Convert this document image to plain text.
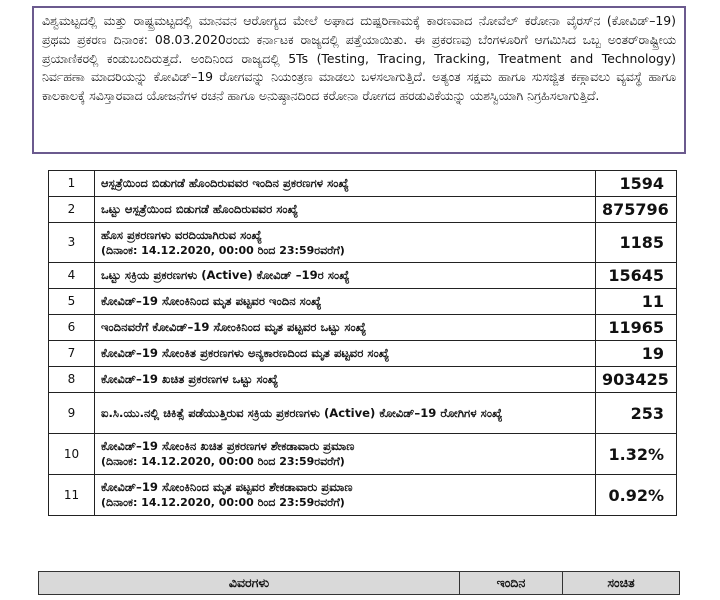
ವಿಶ್ವಮಟ್ಟದಲ್ಲಿ ಮತ್ತು ರಾಷ್ಟ್ರಮಟ್ಟದಲ್ಲಿ ಮಾನವನ ಆರೋಗ್ಯದ ಮೇಲೆ ಅಘಾದ ದುಷ್ಪರಿಣಾಮಕ್ಕೆ ಕಾರಣವಾದ ನೋವೆಲ್ ಕರೋನಾ ವೈರಸ್‌ನ (ಕೋವಿಡ್–19) ಪ್ರಥಮ ಪ್ರಕರಣ ದಿನಾಂಕ: 08.03.2020ರಂದು ಕರ್ನಾಟಕ ರಾಜ್ಯದಲ್ಲಿ ಪತ್ತೆಯಾಯಿತು. ಈ ಪ್ರಕರಣವು ಬೆಂಗಳೂರಿಗೆ ಆಗಮಿಸಿದ ಒಬ್ಬ ಅಂತರ್‌ರಾಷ್ಟ್ರೀಯ ಪ್ರಯಾಣಿಕರಲ್ಲಿ ಕಂಡುಬಂದಿರುತ್ತದೆ. ಅಂದಿನಿಂದ ರಾಜ್ಯದಲ್ಲಿ 5Ts (Testing, Tracing, Tracking, Treatment and Technology) ನಿರ್ವಹಣಾ ಮಾದರಿಯನ್ನು ಕೋವಿಡ್–19 ರೋಗವನ್ನು ನಿಯಂತ್ರಣ ಮಾಡಲು ಬಳಸಲಾಗುತ್ತಿದೆ. ಅತ್ಯಂತ ಸಕ್ಷಮ ಹಾಗೂ ಸುಸಜ್ಜಿತ ಕಣ್ಗಾವಲು ವ್ಯವಸ್ಥೆ ಹಾಗೂ ಕಾಲಕಾಲಕ್ಕೆ ಸವಿಸ್ತಾರವಾದ ಯೋಜನೆಗಳ ರಚನೆ ಹಾಗೂ ಅನುಷ್ಠಾನದಿಂದ ಕರೋನಾ ರೋಗದ ಹರಡುವಿಕೆಯನ್ನು ಯಶಸ್ವಿಯಾಗಿ ನಿಗ್ರಹಿಸಲಾಗುತ್ತಿದೆ.

1	ಆಸ್ಪತ್ರೆಯಿಂದ ಬಿಡುಗಡೆ ಹೊಂದಿರುವವರ ಇಂದಿನ ಪ್ರಕರಣಗಳ ಸಂಖ್ಯೆ	1594
2	ಒಟ್ಟು ಆಸ್ಪತ್ರೆಯಿಂದ ಬಿಡುಗಡೆ ಹೊಂದಿರುವವರ ಸಂಖ್ಯೆ	875796
3	ಹೊಸ ಪ್ರಕರಣಗಳು ವರದಿಯಾಗಿರುವ ಸಂಖ್ಯೆ
(ದಿನಾಂಕ: 14.12.2020, 00:00 ರಿಂದ 23:59ರವರೆಗೆ)	1185
4	ಒಟ್ಟು ಸಕ್ರಿಯ ಪ್ರಕರಣಗಳು (Active) ಕೋವಿಡ್ –19ರ ಸಂಖ್ಯೆ	15645
5	ಕೋವಿಡ್–19 ಸೋಂಕಿನಿಂದ ಮೃತ ಪಟ್ಟವರ ಇಂದಿನ ಸಂಖ್ಯೆ	11
6	ಇಂದಿನವರೆಗೆ ಕೋವಿಡ್–19 ಸೋಂಕಿನಿಂದ ಮೃತ ಪಟ್ಟವರ ಒಟ್ಟು ಸಂಖ್ಯೆ	11965
7	ಕೋವಿಡ್–19 ಸೋಂಕಿತ ಪ್ರಕರಣಗಳು ಅನ್ಯಕಾರಣದಿಂದ ಮೃತ ಪಟ್ಟವರ ಸಂಖ್ಯೆ	19
8	ಕೋವಿಡ್–19 ಖಚಿತ ಪ್ರಕರಣಗಳ ಒಟ್ಟು ಸಂಖ್ಯೆ	903425
9	ಐ.ಸಿ.ಯು.ನಲ್ಲಿ ಚಿಕಿತ್ಸೆ ಪಡೆಯುತ್ತಿರುವ ಸಕ್ರಿಯ ಪ್ರಕರಣಗಳು (Active) ಕೋವಿಡ್–19 ರೋಗಿಗಳ ಸಂಖ್ಯೆ	253
10	ಕೋವಿಡ್–19 ಸೋಂಕಿನ ಖಚಿತ ಪ್ರಕರಣಗಳ ಶೇಕಡಾವಾರು ಪ್ರಮಾಣ
(ದಿನಾಂಕ: 14.12.2020, 00:00 ರಿಂದ 23:59ರವರೆಗೆ)	1.32%
11	ಕೋವಿಡ್–19 ಸೋಂಕಿನಿಂದ ಮೃತ ಪಟ್ಟವರ ಶೇಕಡಾವಾರು ಪ್ರಮಾಣ
(ದಿನಾಂಕ: 14.12.2020, 00:00 ರಿಂದ 23:59ರವರೆಗೆ)	0.92%
ವಿವರಗಳು	ಇಂದಿನ	ಸಂಚಿತ
